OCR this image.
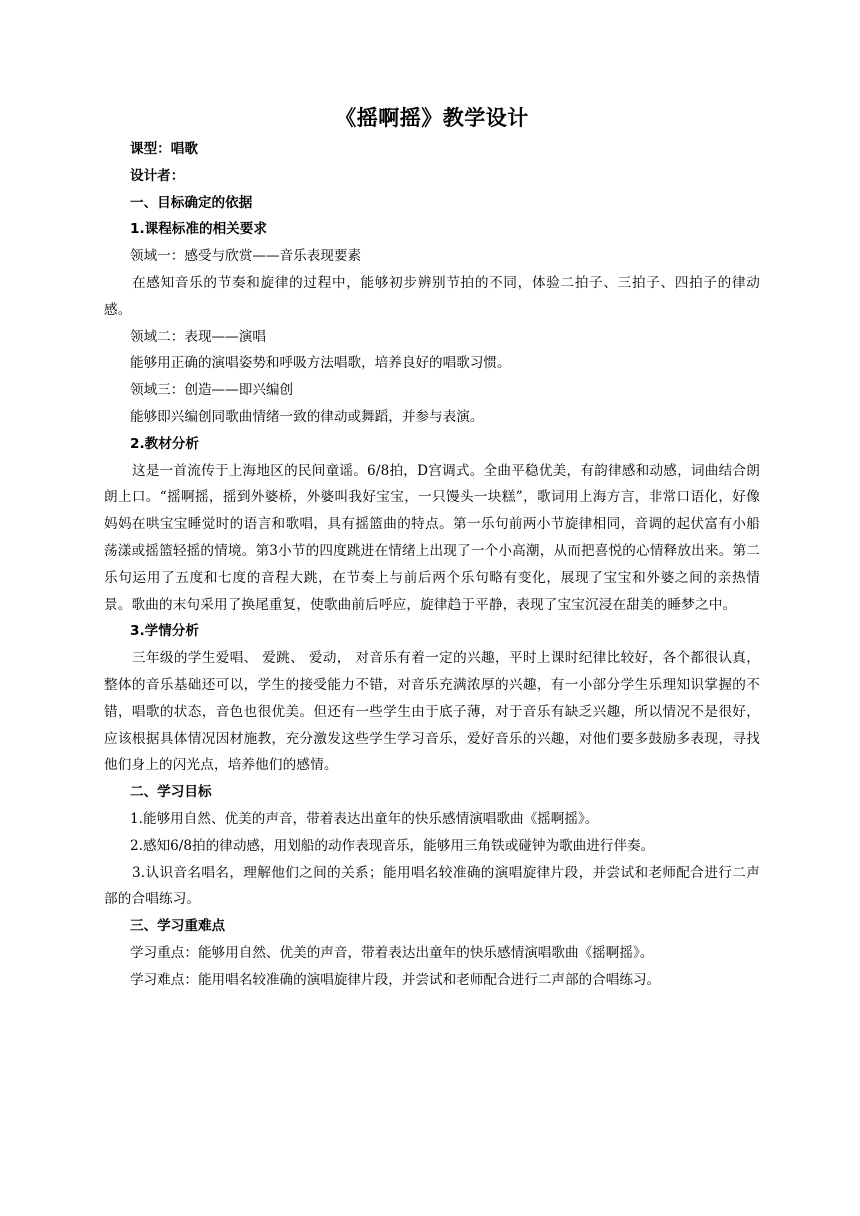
《摇啊摇》教学设计

课型：唱歌

设计者：

一、目标确定的依据

1.课程标准的相关要求

领域一：感受与欣赏——音乐表现要素

在感知音乐的节奏和旋律的过程中，能够初步辨别节拍的不同，体验二拍子、三拍子、四拍子的律动感。

领域二：表现——演唱

能够用正确的演唱姿势和呼吸方法唱歌，培养良好的唱歌习惯。

领域三：创造——即兴编创

能够即兴编创同歌曲情绪一致的律动或舞蹈，并参与表演。

2.教材分析

这是一首流传于上海地区的民间童谣。6/8拍，D宫调式。全曲平稳优美，有韵律感和动感，词曲结合朗朗上口。“摇啊摇，摇到外婆桥，外婆叫我好宝宝，一只馒头一块糕”，歌词用上海方言，非常口语化，好像妈妈在哄宝宝睡觉时的语言和歌唱，具有摇篮曲的特点。第一乐句前两小节旋律相同，音调的起伏富有小船荡漾或摇篮轻摇的情境。第3小节的四度跳进在情绪上出现了一个小高潮，从而把喜悦的心情释放出来。第二乐句运用了五度和七度的音程大跳，在节奏上与前后两个乐句略有变化，展现了宝宝和外婆之间的亲热情景。歌曲的末句采用了换尾重复，使歌曲前后呼应，旋律趋于平静，表现了宝宝沉浸在甜美的睡梦之中。

3.学情分析

三年级的学生爱唱、 爱跳、 爱动， 对音乐有着一定的兴趣，平时上课时纪律比较好，各个都很认真，整体的音乐基础还可以，学生的接受能力不错，对音乐充满浓厚的兴趣，有一小部分学生乐理知识掌握的不错，唱歌的状态，音色也很优美。但还有一些学生由于底子薄，对于音乐有缺乏兴趣，所以情况不是很好，应该根据具体情况因材施教，充分激发这些学生学习音乐，爱好音乐的兴趣，对他们要多鼓励多表现，寻找他们身上的闪光点，培养他们的感情。

二、学习目标

1.能够用自然、优美的声音，带着表达出童年的快乐感情演唱歌曲《摇啊摇》。

2.感知6/8拍的律动感，用划船的动作表现音乐，能够用三角铁或碰钟为歌曲进行伴奏。

3.认识音名唱名，理解他们之间的关系；能用唱名较准确的演唱旋律片段，并尝试和老师配合进行二声部的合唱练习。

三、学习重难点

学习重点：能够用自然、优美的声音，带着表达出童年的快乐感情演唱歌曲《摇啊摇》。

学习难点：能用唱名较准确的演唱旋律片段，并尝试和老师配合进行二声部的合唱练习。
